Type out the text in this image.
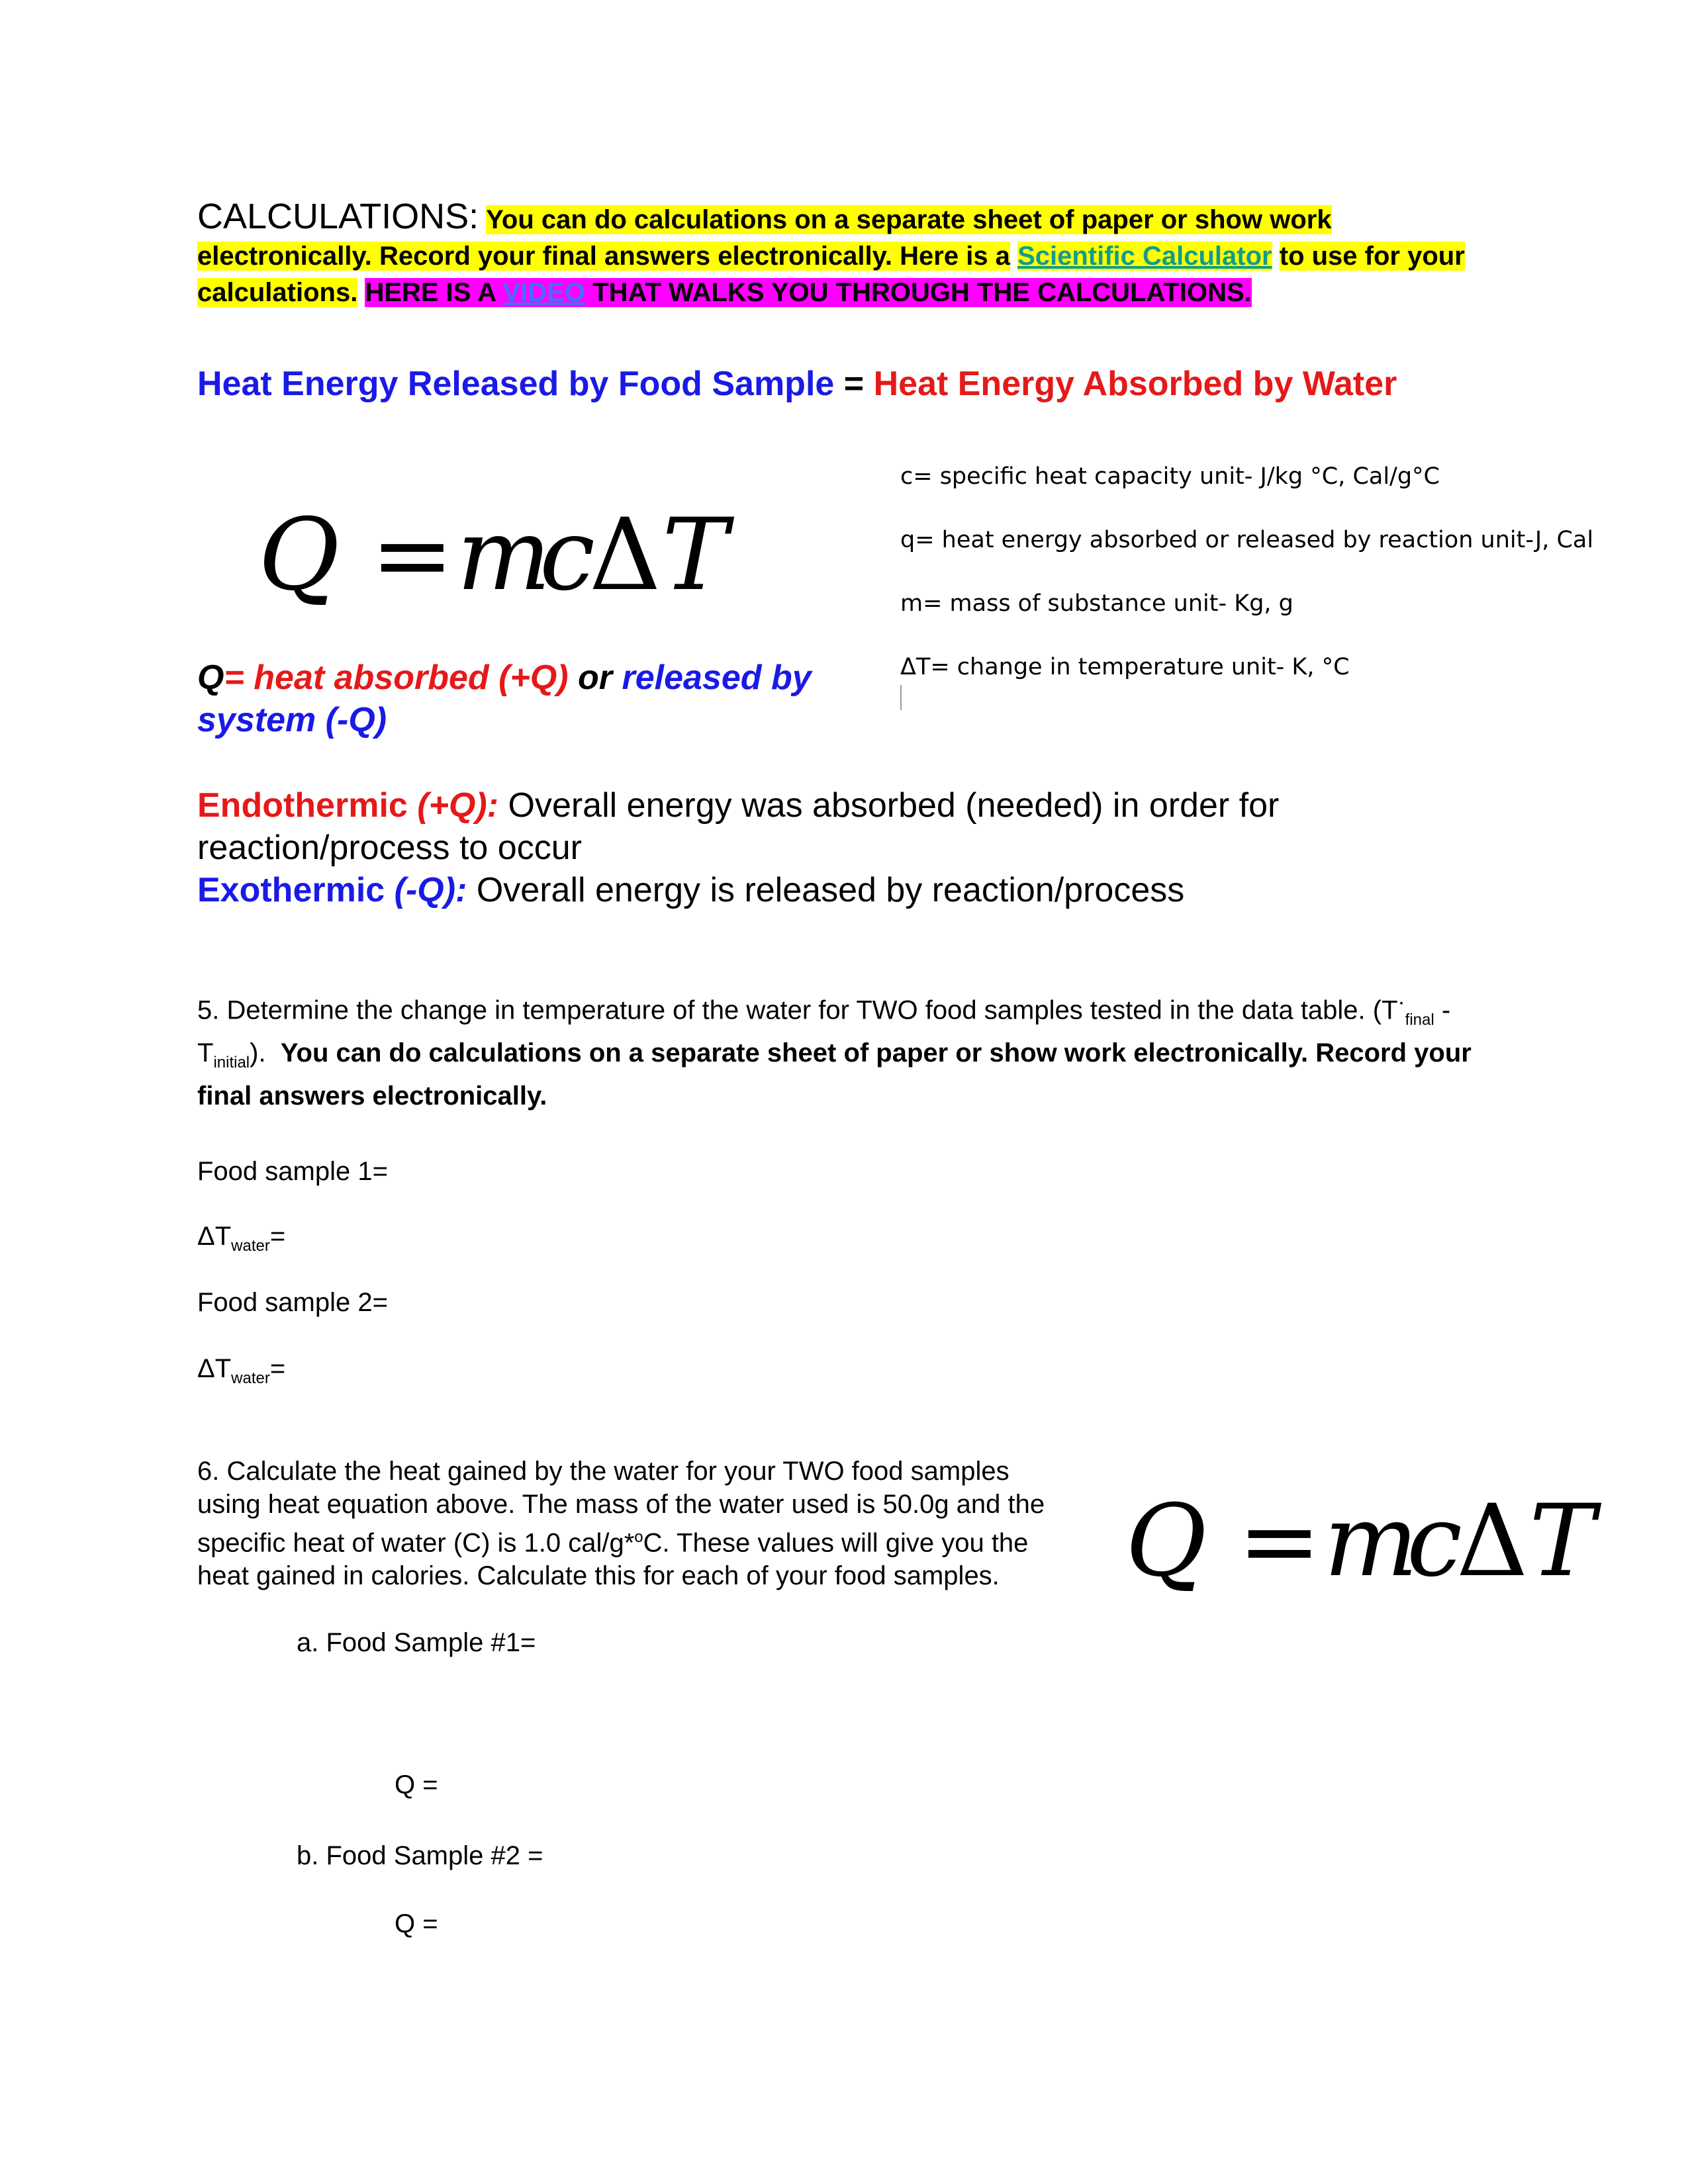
CALCULATIONS: You can do calculations on a separate sheet of paper or show work electronically. Record your final answers electronically. Here is a Scientific Calculator to use for your calculations. HERE IS A VIDEO THAT WALKS YOU THROUGH THE CALCULATIONS.
Heat Energy Released by Food Sample = Heat Energy Absorbed by Water
Q = m
c
Δ T
c= specific heat capacity unit- J/kg °C, Cal/g°C
q= heat energy absorbed or released by reaction unit-J, Cal
m= mass of substance unit- Kg, g
ΔT= change in temperature unit- K, °C
Q= heat absorbed (+Q) or released by system (-Q)
Endothermic (+Q): Overall energy was absorbed (needed) in order for reaction/process to occur
Exothermic (-Q): Overall energy is released by reaction/process
5. Determine the change in temperature of the water for TWO food samples tested in the data table. $(T^\cdot_{final} - T_{initial})$. You can do calculations on a separate sheet of paper or show work electronically. Record your final answers electronically.
Food sample 1=
$\Delta T_{water}=$
Food sample 2=
$\Delta T_{water}=$
6. Calculate the heat gained by the water for your TWO food samples using heat equation above. The mass of the water used is 50.0g and the specific heat of water (C) is 1.0 cal/g*$^o$C. These values will give you the heat gained in calories. Calculate this for each of your food samples.
a. Food Sample #1=
Q =
b. Food Sample #2 =
Q =
Q = m
c
Δ T
